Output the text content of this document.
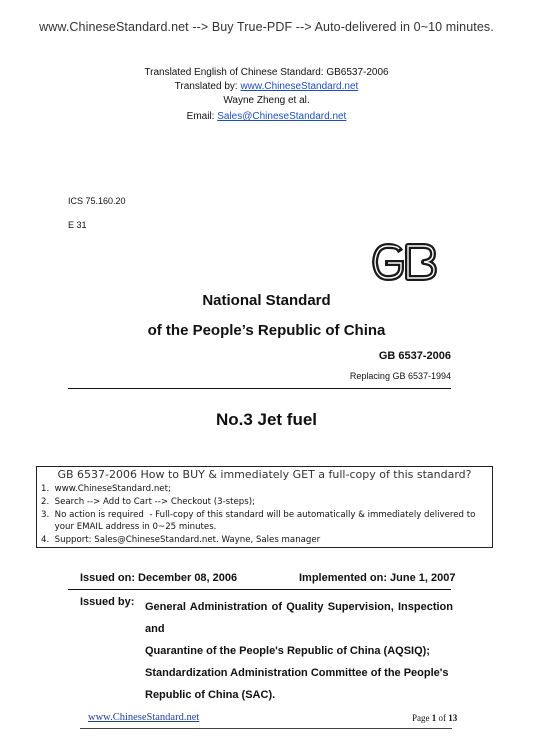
www.ChineseStandard.net --> Buy True-PDF --> Auto-delivered in 0~10 minutes.
Translated English of Chinese Standard: GB6537-2006
Translated by: www.ChineseStandard.net
Wayne Zheng et al.
Email: Sales@ChineseStandard.net
ICS 75.160.20
E 31
National Standard
of the People’s Republic of China
GB 6537-2006
Replacing GB 6537-1994
No.3 Jet fuel
GB 6537-2006 How to BUY & immediately GET a full-copy of this standard?
1.  www.ChineseStandard.net;
2.  Search --> Add to Cart --> Checkout (3-steps);
3.  No action is required  - Full-copy of this standard will be automatically & immediately delivered to
your EMAIL address in 0~25 minutes.
4.  Support: Sales@ChineseStandard.net. Wayne, Sales manager
Issued on: December 08, 2006	Implemented on: June 1, 2007
Issued by: General Administration of Quality Supervision, Inspection and
Quarantine of the People's Republic of China (AQSIQ);
Standardization Administration Committee of the People's
Republic of China (SAC).
www.ChineseStandard.net	Page 1 of 13
